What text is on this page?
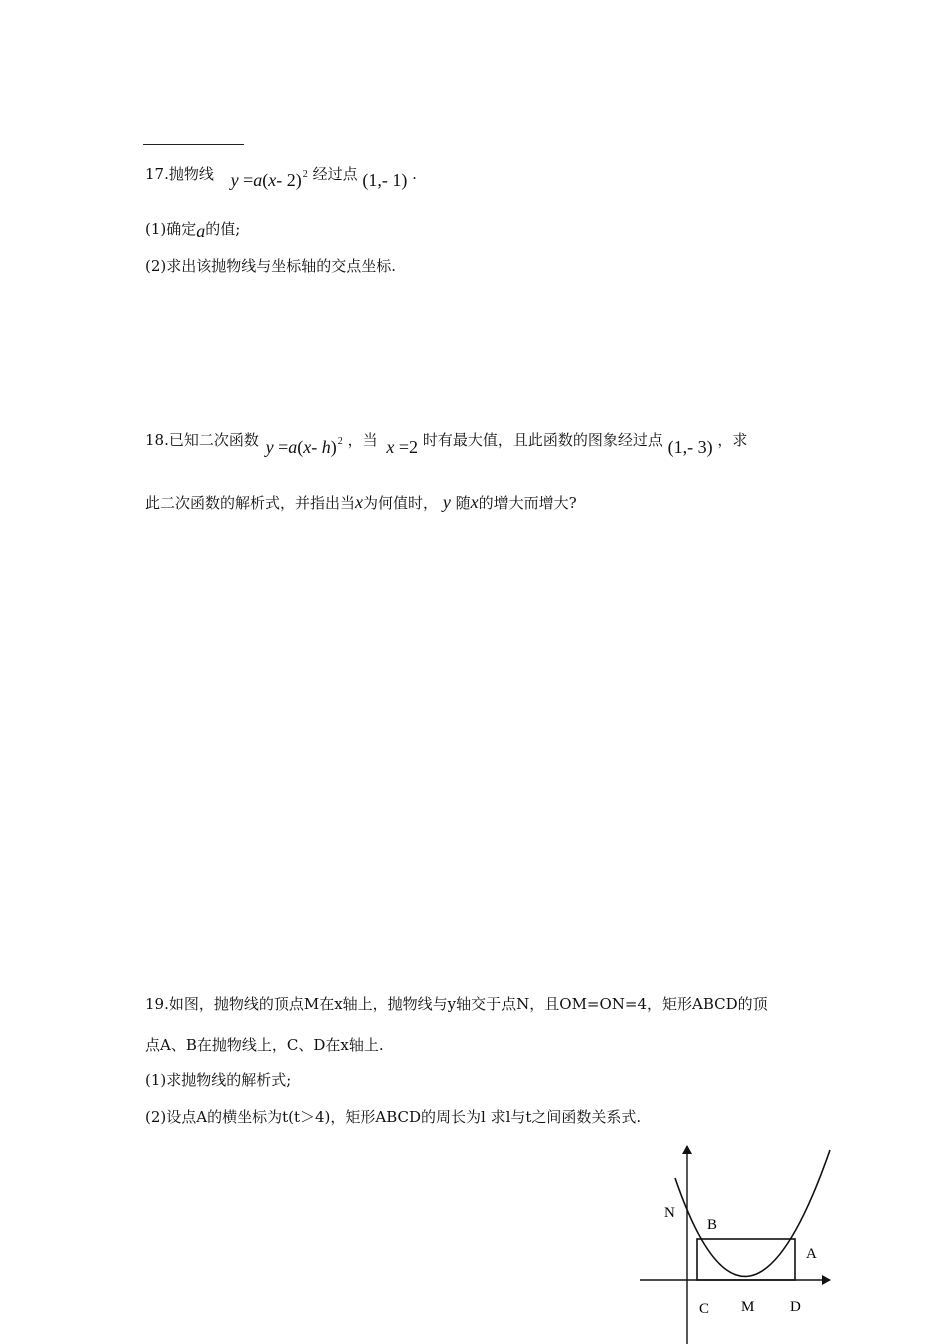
17.抛物线 y =a(x- 2)$^2$ 经过点 (1,- 1) .
(1)确定a的值;
(2)求出该抛物线与坐标轴的交点坐标.
18.已知二次函数 y =a(x- h)$^2$ ，当 x =2 时有最大值，且此函数的图象经过点 (1,- 3) ，求
此二次函数的解析式，并指出当x为何值时， y 随x的增大而增大?
19.如图，抛物线的顶点M在x轴上，抛物线与y轴交于点N，且OM=ON=4，矩形ABCD的顶
点A、B在抛物线上，C、D在x轴上.
(1)求抛物线的解析式;
(2)设点A的横坐标为t(t＞4)，矩形ABCD的周长为l 求l与t之间函数关系式.
N
B
A
C M D
